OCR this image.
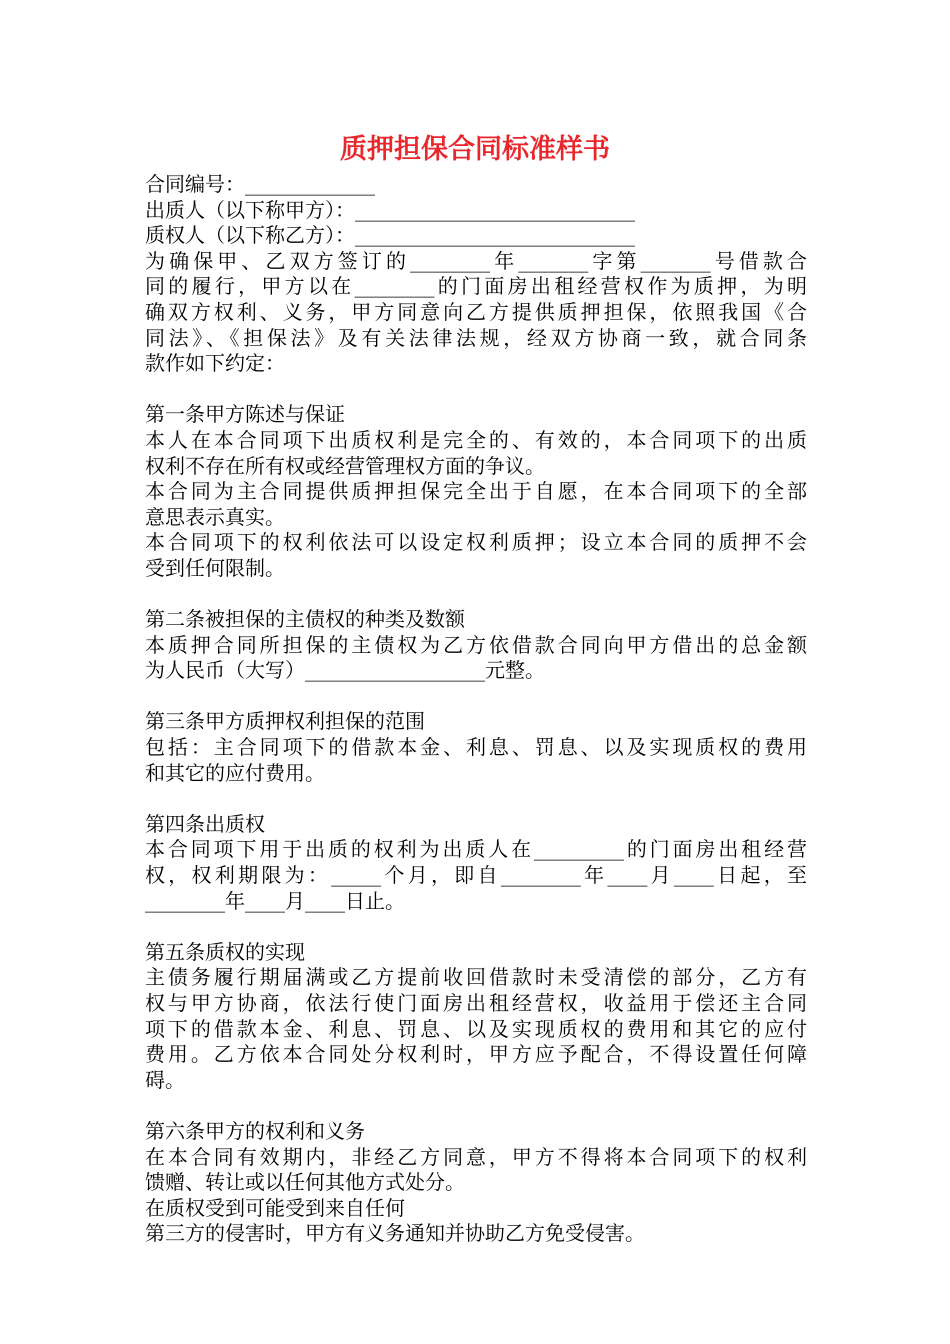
质押担保合同标准样书
合同编号：_____________
出质人（以下称甲方）：____________________________
质权人（以下称乙方）：____________________________
为确保甲、乙双方签订的________年_______字第_______号借款合
同的履行，甲方以在________的门面房出租经营权作为质押，为明
确双方权利、义务，甲方同意向乙方提供质押担保，依照我国《合
同法》、《担保法》及有关法律法规，经双方协商一致，就合同条
款作如下约定：
第一条甲方陈述与保证
本人在本合同项下出质权利是完全的、有效的，本合同项下的出质
权利不存在所有权或经营管理权方面的争议。
本合同为主合同提供质押担保完全出于自愿，在本合同项下的全部
意思表示真实。
本合同项下的权利依法可以设定权利质押；设立本合同的质押不会
受到任何限制。
第二条被担保的主债权的种类及数额
本质押合同所担保的主债权为乙方依借款合同向甲方借出的总金额
为人民币（大写）__________________元整。
第三条甲方质押权利担保的范围
包括：主合同项下的借款本金、利息、罚息、以及实现质权的费用
和其它的应付费用。
第四条出质权
本合同项下用于出质的权利为出质人在_________的门面房出租经营
权，权利期限为：_____个月，即自________年____月____日起，至
________年____月____日止。
第五条质权的实现
主债务履行期届满或乙方提前收回借款时未受清偿的部分，乙方有
权与甲方协商，依法行使门面房出租经营权，收益用于偿还主合同
项下的借款本金、利息、罚息、以及实现质权的费用和其它的应付
费用。乙方依本合同处分权利时，甲方应予配合，不得设置任何障
碍。
第六条甲方的权利和义务
在本合同有效期内，非经乙方同意，甲方不得将本合同项下的权利
馈赠、转让或以任何其他方式处分。
在质权受到可能受到来自任何
第三方的侵害时，甲方有义务通知并协助乙方免受侵害。
